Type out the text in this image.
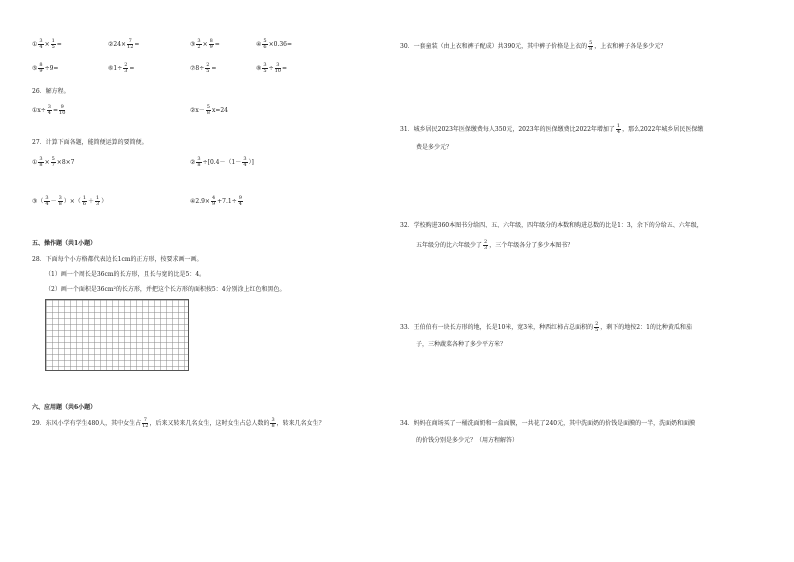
① $\frac{3}{4} \times \frac{1}{5}$ =	②24× $\frac{7}{12}$ =	③ $\frac{3}{2} \times \frac{8}{9}$ =	④ $\frac{5}{6} \times 0.36=$
⑤ $\frac{8}{9} \div 9=$	⑥1÷ $\frac{2}{3}$ =	⑦8÷ $\frac{2}{5}$ =	⑧ $\frac{3}{5} \div \frac{3}{10}$ =
26．解方程。
①x÷ $\frac{3}{4} = \frac{9}{10}$	②x－ $\frac{5}{8} x=24$
27．计算下面各题，能简便运算的要简便。
① $\frac{3}{8} \times \frac{5}{7} \times 8\times 7$	② $\frac{3}{8} \div[0.4-(1- \frac{3}{4}$ ）]
③（ $\frac{3}{4} - \frac{3}{8}$ ）×（ $\frac{1}{6} + \frac{1}{3}$ ）	④2.9× $\frac{4}{9} +7.1\div \frac{9}{4}$
五、操作题（共1小题）
28．下面每个小方格都代表边长1cm的正方形，按要求画一画。
（1）画一个周长是36cm的长方形，且长与宽的比是5：4。
（2）画一个面积是36cm²的长方形，并把这个长方形的面积按5：4分别涂上红色和黑色。
六、应用题（共6小题）
29．东风小学有学生480人，其中女生占 $\frac{7}{12}$ ，后来又转来几名女生，这时女生占总人数的 $\frac{3}{8}$ ，转来几名女生？
30．一套童装（由上衣和裤子配成）共390元，其中裤子价格是上衣的 $\frac{5}{8}$ ，上衣和裤子各是多少元？
31．城乡居民2023年医保缴费每人350元，2023年的医保缴费比2022年增加了 $\frac{1}{4}$ ，那么2022年城乡居民医保缴
费是多少元？
32．学校购进360本图书分给四、五、六年级，四年级分的本数和购进总数的比是1：3，余下的分给五、六年级，
五年级分的比六年级少了 $\frac{2}{3}$ ，三个年级各分了多少本图书？
33．王伯伯有一块长方形的地，长是10米，宽3米，种西红柿占总面积的 $\frac{2}{5}$ ，剩下的地按2：1的比种黄瓜和茄
子，三种蔬菜各种了多少平方米？
34．妈妈在商场买了一桶洗面奶和一盒面膜，一共花了240元，其中洗面奶的价钱是面膜的一半，洗面奶和面膜
的价钱分别是多少元？（用方程解答）
